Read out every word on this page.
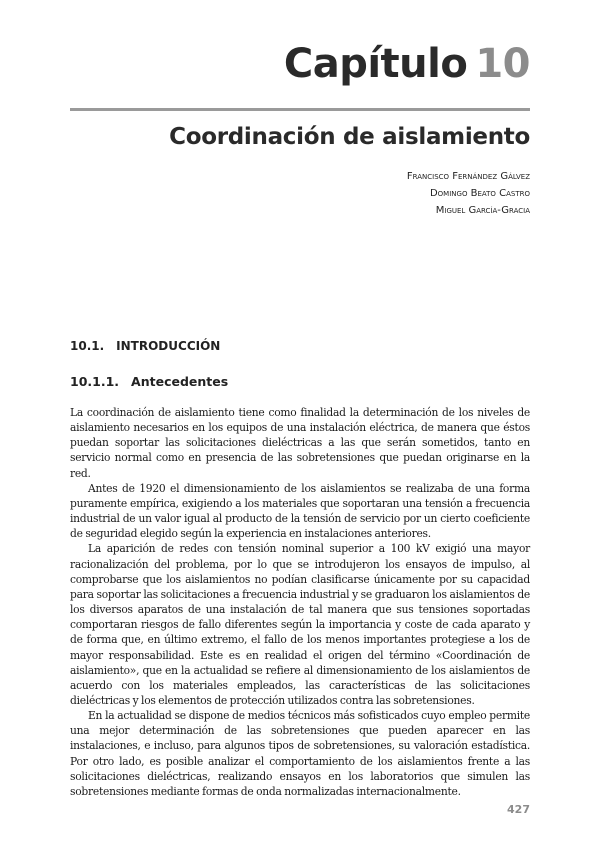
Capítulo 10
Coordinación de aislamiento
Francisco Fernández Gálvez
Domingo Beato Castro
Miguel García-Gracia
10.1. INTRODUCCIÓN
10.1.1. Antecedentes

La coordinación de aislamiento tiene como finalidad la determinación de los niveles de aislamiento necesarios en los equipos de una instalación eléctrica, de manera que éstos puedan soportar las solicitaciones dieléctricas a las que serán sometidos, tanto en servicio normal como en presencia de las sobretensiones que puedan originarse en la red.

Antes de 1920 el dimensionamiento de los aislamientos se realizaba de una forma puramente empírica, exigiendo a los materiales que soportaran una tensión a frecuencia industrial de un valor igual al producto de la tensión de servicio por un cierto coeficiente de seguridad elegido según la experiencia en instalaciones anteriores.

La aparición de redes con tensión nominal superior a 100 kV exigió una mayor racionalización del problema, por lo que se introdujeron los ensayos de impulso, al comprobarse que los aislamientos no podían clasificarse únicamente por su capacidad para soportar las solicitaciones a frecuencia industrial y se graduaron los aislamientos de los diversos aparatos de una instalación de tal manera que sus tensiones soportadas comportaran riesgos de fallo diferentes según la importancia y coste de cada aparato y de forma que, en último extremo, el fallo de los menos importantes protegiese a los de mayor responsabilidad. Este es en realidad el origen del término «Coordinación de aislamiento», que en la actualidad se refiere al dimensionamiento de los aislamientos de acuerdo con los materiales empleados, las características de las solicitaciones dieléctricas y los elementos de protección utilizados contra las sobretensiones.

En la actualidad se dispone de medios técnicos más sofisticados cuyo empleo permite una mejor determinación de las sobretensiones que pueden aparecer en las instalaciones, e incluso, para algunos tipos de sobretensiones, su valoración estadística. Por otro lado, es posible analizar el comportamiento de los aislamientos frente a las solicitaciones dieléctricas, realizando ensayos en los laboratorios que simulen las sobretensiones mediante formas de onda normalizadas internacionalmente.

427
